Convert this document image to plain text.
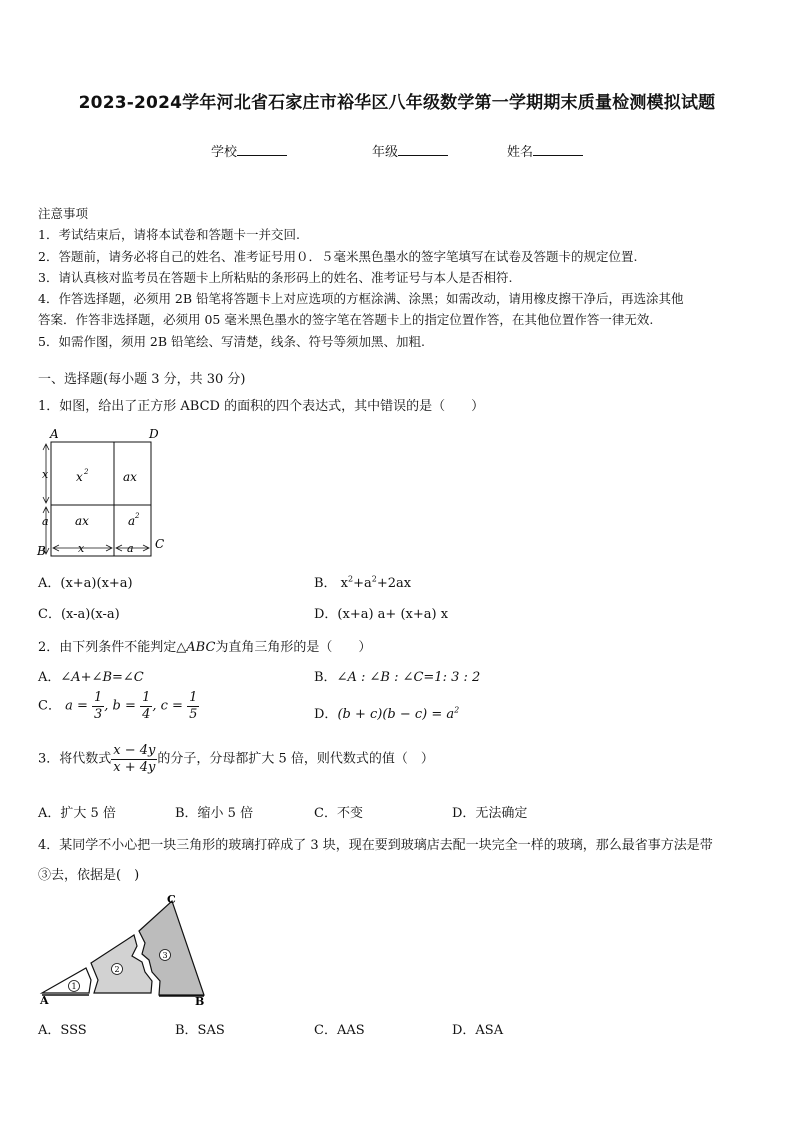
2023-2024学年河北省石家庄市裕华区八年级数学第一学期期末质量检测模拟试题
学校	年级	姓名

注意事项

1．考试结束后，请将本试卷和答题卡一并交回.

2．答题前，请务必将自己的姓名、准考证号用０．５毫米黑色墨水的签字笔填写在试卷及答题卡的规定位置.

3．请认真核对监考员在答题卡上所粘贴的条形码上的姓名、准考证号与本人是否相符.

4．作答选择题，必须用 2B 铅笔将答题卡上对应选项的方框涂满、涂黑；如需改动，请用橡皮擦干净后，再选涂其他

答案．作答非选择题，必须用 05 毫米黑色墨水的签字笔在答题卡上的指定位置作答，在其他位置作答一律无效.

5．如需作图，须用 2B 铅笔绘、写清楚，线条、符号等须加黑、加粗.

一、选择题(每小题 3 分，共 30 分)
1．如图，给出了正方形 ABCD 的面积的四个表达式，其中错误的是（　　）
A	D
B	C
x 2	ax
ax	a 2
x
a
x	a
A．(x+a)(x+a)	B． $x^2+a^2+2ax$
C．(x-a)(x-a)	D．(x+a) a+ (x+a) x
2．由下列条件不能判定△ABC为直角三角形的是（　　）
A．∠A+∠B=∠C	B．∠A : ∠B : ∠C=1: 3 : 2
C． $a = \frac{1}{3}$ , $b = \frac{1}{4}$ , $c = \frac{1}{5}$	D．$(b + c)(b - c) = a^2$
3．将代数式 $\frac{x - 4y}{x + 4y}$ 的分子，分母都扩大 5 倍，则代数式的值（　）
A．扩大 5 倍	B．缩小 5 倍	C．不变	D．无法确定
4．某同学不小心把一块三角形的玻璃打碎成了 3 块，现在要到玻璃店去配一块完全一样的玻璃，那么最省事方法是带
③去，依据是(　)
1
2
3
A	B
C
A．SSS	B．SAS	C．AAS	D．ASA
